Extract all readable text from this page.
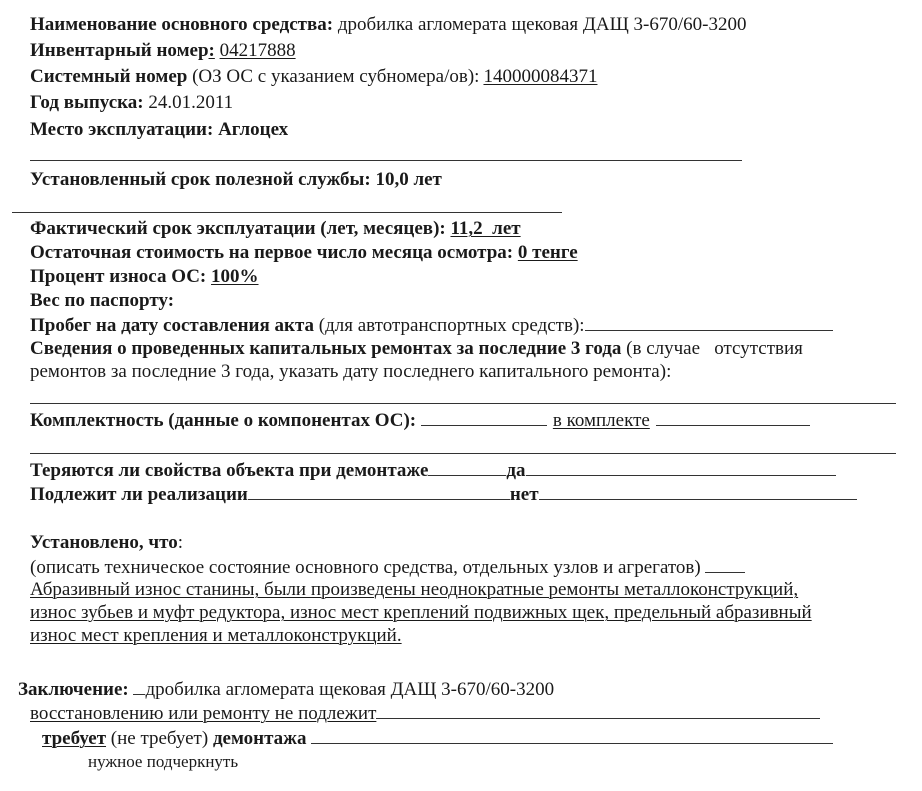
Наименование основного средства: дробилка агломерата щековая ДАЩ 3-670/60-3200
Инвентарный номер: 04217888
Системный номер (ОЗ ОС с указанием субномера/ов): 140000084371
Год выпуска: 24.01.2011
Место эксплуатации: Аглоцех
Установленный срок полезной службы: 10,0 лет
Фактический срок эксплуатации (лет, месяцев): 11,2  лет
Остаточная стоимость на первое число месяца осмотра: 0 тенге
Процент износа ОС: 100%
Вес по паспорту:
Пробег на дату составления акта (для автотранспортных средств):
Сведения о проведенных капитальных ремонтах за последние 3 года (в случае   отсутствия
ремонтов за последние 3 года, указать дату последнего капитального ремонта):
Комплектность (данные о компонентах ОС):	в комплекте
Теряются ли свойства объекта при демонтаже	да
Подлежит ли реализации	нет
Установлено, что:
(описать техническое состояние основного средства, отдельных узлов и агрегатов)
Абразивный износ станины, были произведены неоднократные ремонты металлоконструкций,
износ зубьев и муфт редуктора, износ мест креплений подвижных щек, предельный абразивный
износ мест крепления и металлоконструкций.
Заключение: дробилка агломерата щековая ДАЩ 3-670/60-3200
восстановлению или ремонту не подлежит
требует (не требует) демонтажа
нужное подчеркнуть
